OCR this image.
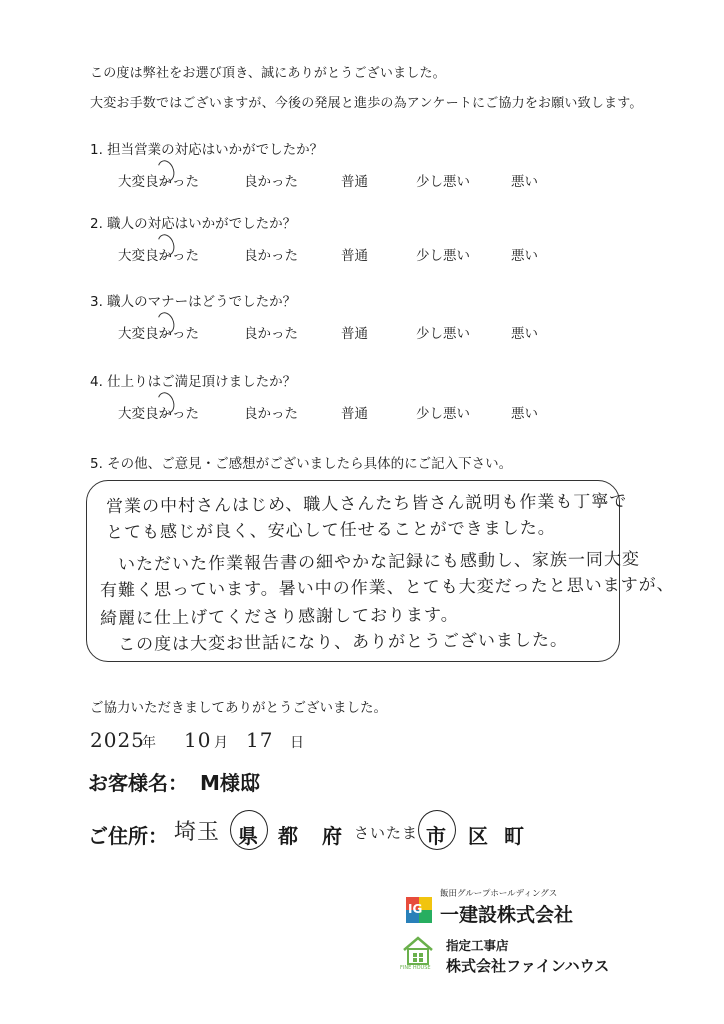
この度は弊社をお選び頂き、誠にありがとうございました。
大変お手数ではございますが、今後の発展と進歩の為アンケートにご協力をお願い致します。
1. 担当営業の対応はいかがでしたか？
大変良かった	良かった	普通	少し悪い	悪い
2. 職人の対応はいかがでしたか？
大変良かった	良かった	普通	少し悪い	悪い
3. 職人のマナーはどうでしたか？
大変良かった	良かった	普通	少し悪い	悪い
4. 仕上りはご満足頂けましたか？
大変良かった	良かった	普通	少し悪い	悪い
5. その他、ご意見・ご感想がございましたら具体的にご記入下さい。
営業の中村さんはじめ、職人さんたち皆さん説明も作業も丁寧で
とても感じが良く、安心して任せることができました。
いただいた作業報告書の細やかな記録にも感動し、家族一同大変
有難く思っています。暑い中の作業、とても大変だったと思いますが、
綺麗に仕上げてくださり感謝しております。
この度は大変お世話になり、ありがとうございました。
ご協力いただきましてありがとうございました。
2025
年 10 月 17 日
お客様名： M様邸
ご住所： 埼玉 県 都 府 さいたま 市 区 町
IG
飯田グループホールディングス
一建設株式会社
FINE HOUSE
指定工事店
株式会社ファインハウス
